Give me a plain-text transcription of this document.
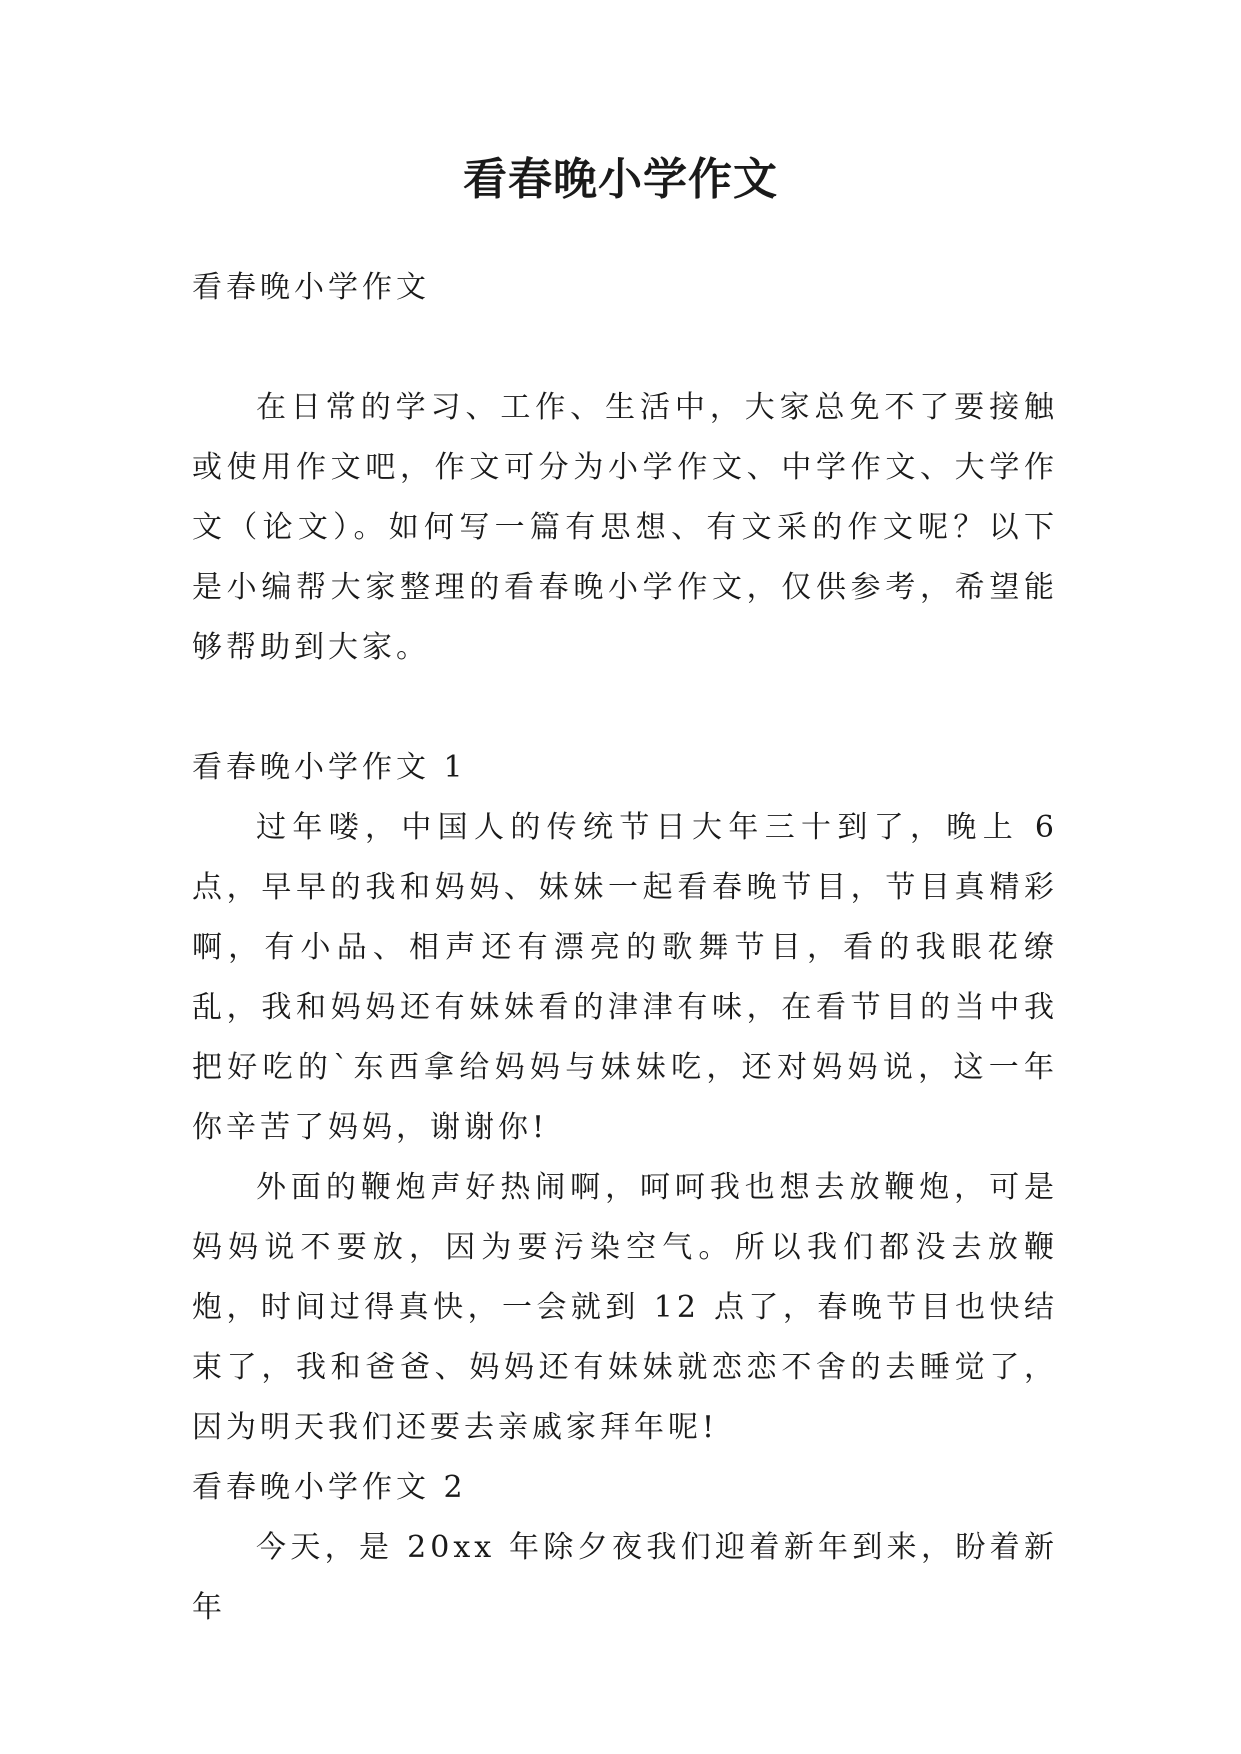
看春晚小学作文

看春晚小学作文

在日常的学习、工作、生活中，大家总免不了要接触或使用作文吧，作文可分为小学作文、中学作文、大学作文（论文）。如何写一篇有思想、有文采的作文呢？以下是小编帮大家整理的看春晚小学作文，仅供参考，希望能够帮助到大家。

看春晚小学作文 1

过年喽，中国人的传统节日大年三十到了，晚上 6 点，早早的我和妈妈、妹妹一起看春晚节目，节目真精彩啊，有小品、相声还有漂亮的歌舞节目，看的我眼花缭乱，我和妈妈还有妹妹看的津津有味，在看节目的当中我把好吃的`东西拿给妈妈与妹妹吃，还对妈妈说，这一年你辛苦了妈妈，谢谢你!

外面的鞭炮声好热闹啊，呵呵我也想去放鞭炮，可是妈妈说不要放，因为要污染空气。所以我们都没去放鞭炮，时间过得真快，一会就到 12 点了，春晚节目也快结束了，我和爸爸、妈妈还有妹妹就恋恋不舍的去睡觉了，因为明天我们还要去亲戚家拜年呢!

看春晚小学作文 2

今天，是 20xx 年除夕夜我们迎着新年到来，盼着新年
